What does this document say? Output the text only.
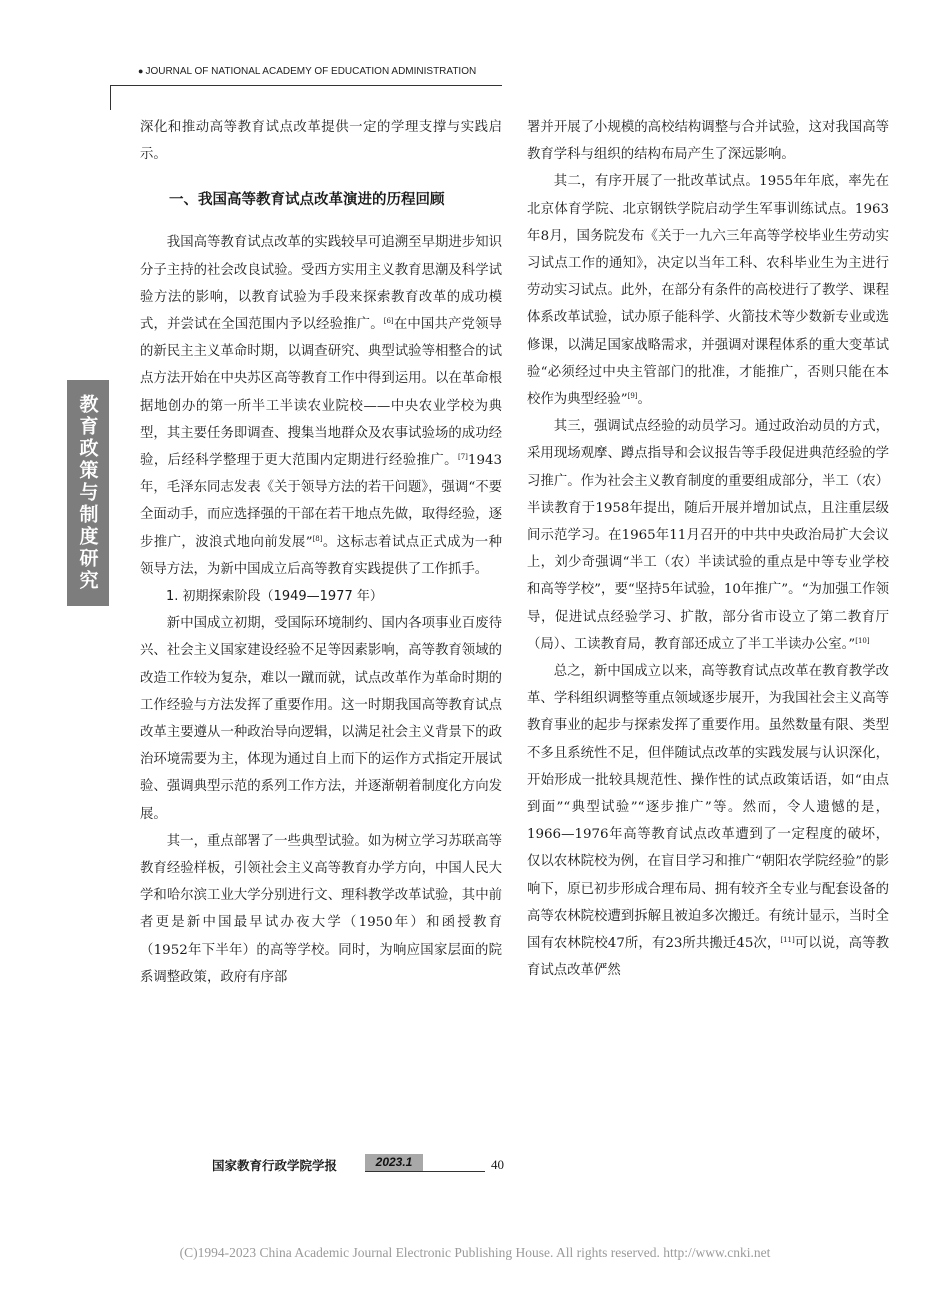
● JOURNAL OF NATIONAL ACADEMY OF EDUCATION ADMINISTRATION
教育政策与制度研究

深化和推动高等教育试点改革提供一定的学理支撑与实践启示。

一、我国高等教育试点改革演进的历程回顾

我国高等教育试点改革的实践较早可追溯至早期进步知识分子主持的社会改良试验。受西方实用主义教育思潮及科学试验方法的影响，以教育试验为手段来探索教育改革的成功模式，并尝试在全国范围内予以经验推广。[6]在中国共产党领导的新民主主义革命时期，以调查研究、典型试验等相整合的试点方法开始在中央苏区高等教育工作中得到运用。以在革命根据地创办的第一所半工半读农业院校——中央农业学校为典型，其主要任务即调查、搜集当地群众及农事试验场的成功经验，后经科学整理于更大范围内定期进行经验推广。[7]1943年，毛泽东同志发表《关于领导方法的若干问题》，强调“不要全面动手，而应选择强的干部在若干地点先做，取得经验，逐步推广，波浪式地向前发展”[8]。这标志着试点正式成为一种领导方法，为新中国成立后高等教育实践提供了工作抓手。

1. 初期探索阶段（1949—1977 年）

新中国成立初期，受国际环境制约、国内各项事业百废待兴、社会主义国家建设经验不足等因素影响，高等教育领域的改造工作较为复杂，难以一蹴而就，试点改革作为革命时期的工作经验与方法发挥了重要作用。这一时期我国高等教育试点改革主要遵从一种政治导向逻辑，以满足社会主义背景下的政治环境需要为主，体现为通过自上而下的运作方式指定开展试验、强调典型示范的系列工作方法，并逐渐朝着制度化方向发展。

其一，重点部署了一些典型试验。如为树立学习苏联高等教育经验样板，引领社会主义高等教育办学方向，中国人民大学和哈尔滨工业大学分别进行文、理科教学改革试验，其中前者更是新中国最早试办夜大学（1950年）和函授教育（1952年下半年）的高等学校。同时，为响应国家层面的院系调整政策，政府有序部

署并开展了小规模的高校结构调整与合并试验，这对我国高等教育学科与组织的结构布局产生了深远影响。

其二，有序开展了一批改革试点。1955年年底，率先在北京体育学院、北京钢铁学院启动学生军事训练试点。1963年8月，国务院发布《关于一九六三年高等学校毕业生劳动实习试点工作的通知》，决定以当年工科、农科毕业生为主进行劳动实习试点。此外，在部分有条件的高校进行了教学、课程体系改革试验，试办原子能科学、火箭技术等少数新专业或选修课，以满足国家战略需求，并强调对课程体系的重大变革试验“必须经过中央主管部门的批准，才能推广，否则只能在本校作为典型经验”[9]。

其三，强调试点经验的动员学习。通过政治动员的方式，采用现场观摩、蹲点指导和会议报告等手段促进典范经验的学习推广。作为社会主义教育制度的重要组成部分，半工（农）半读教育于1958年提出，随后开展并增加试点，且注重层级间示范学习。在1965年11月召开的中共中央政治局扩大会议上，刘少奇强调“半工（农）半读试验的重点是中等专业学校和高等学校”，要“坚持5年试验，10年推广”。“为加强工作领导，促进试点经验学习、扩散，部分省市设立了第二教育厅（局）、工读教育局，教育部还成立了半工半读办公室。”[10]

总之，新中国成立以来，高等教育试点改革在教育教学改革、学科组织调整等重点领域逐步展开，为我国社会主义高等教育事业的起步与探索发挥了重要作用。虽然数量有限、类型不多且系统性不足，但伴随试点改革的实践发展与认识深化，开始形成一批较具规范性、操作性的试点政策话语，如“由点到面”“典型试验”“逐步推广”等。然而，令人遗憾的是，1966—1976年高等教育试点改革遭到了一定程度的破坏，仅以农林院校为例，在盲目学习和推广“朝阳农学院经验”的影响下，原已初步形成合理布局、拥有较齐全专业与配套设备的高等农林院校遭到拆解且被迫多次搬迁。有统计显示，当时全国有农林院校47所，有23所共搬迁45次，[11]可以说，高等教育试点改革俨然

国家教育行政学院学报	2023.1	40
(C)1994-2023 China Academic Journal Electronic Publishing House. All rights reserved. http://www.cnki.net
